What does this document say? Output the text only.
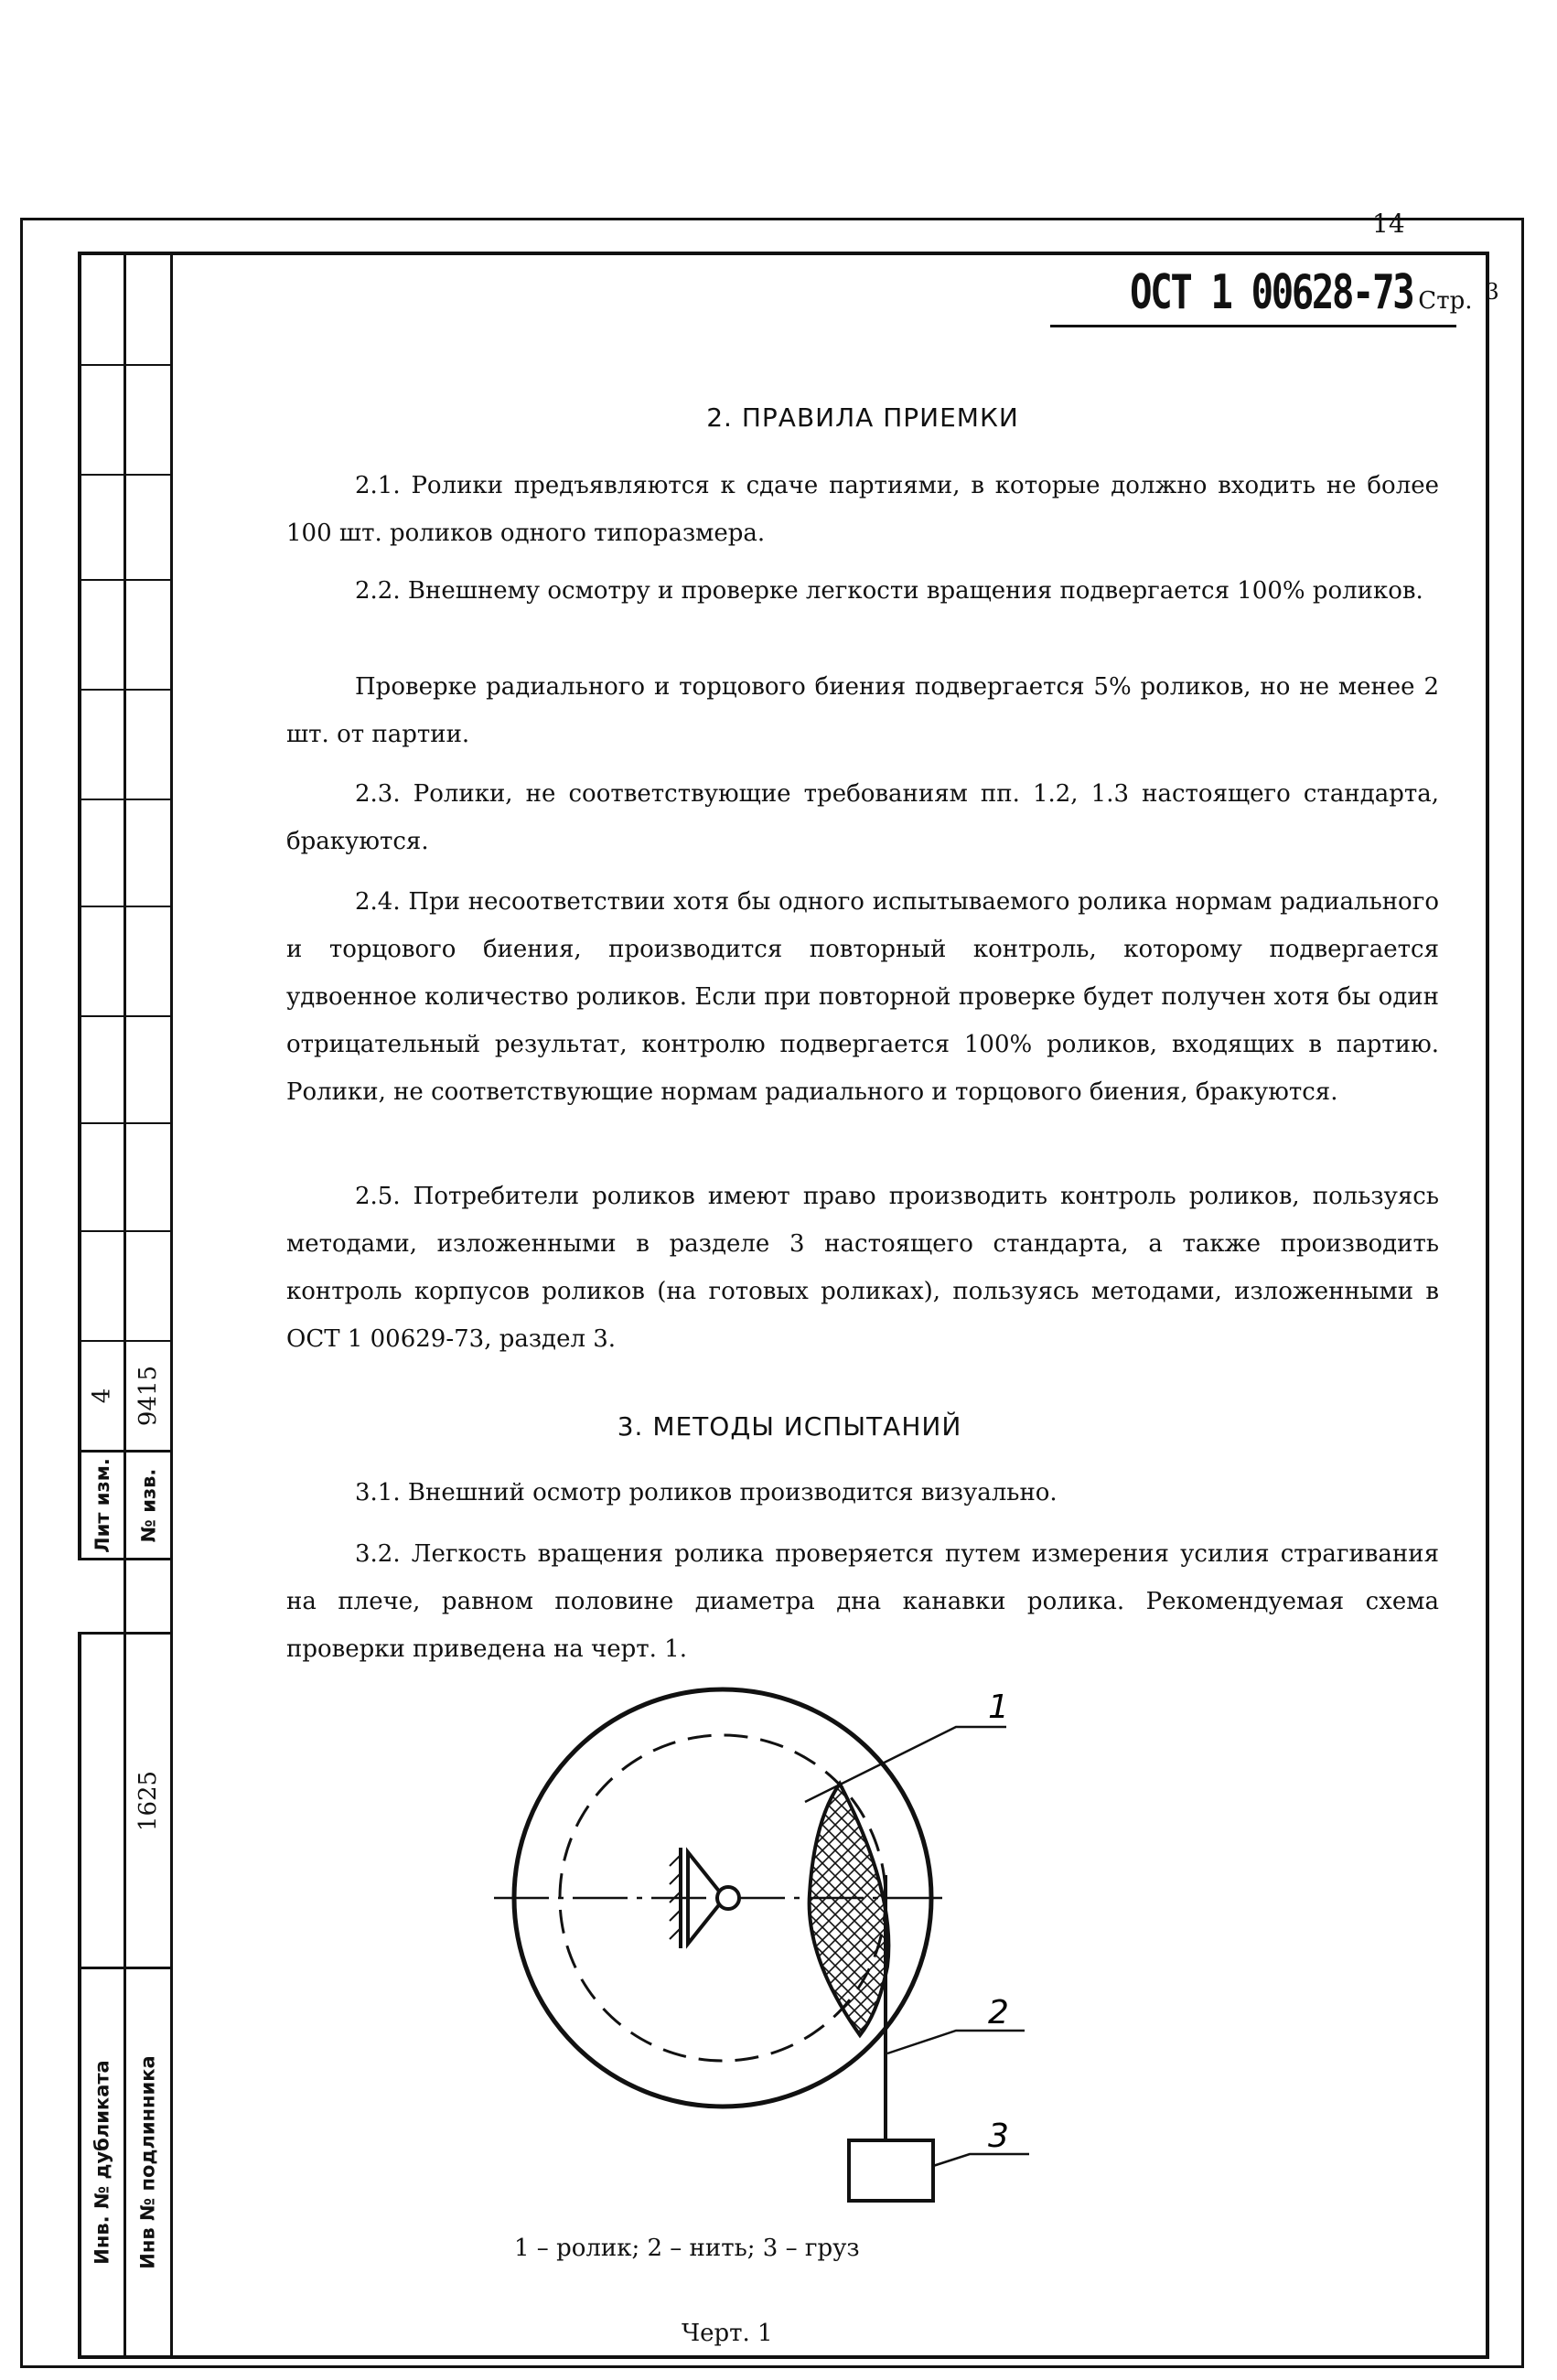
4
Лит изм.
9415
№ изв.
1625
Инв. № дубликата Инв № подлинника
14
ОСТ 1 00628-73 Стр. 3
2. ПРАВИЛА ПРИЕМКИ
2.1. Ролики предъявляются к сдаче партиями, в которые должно входить не более 100 шт. роликов одного типоразмера.
2.2. Внешнему осмотру и проверке легкости вращения подвергается 100% роликов.
Проверке радиального и торцового биения подвергается 5% роликов, но не менее 2 шт. от партии.
2.3. Ролики, не соответствующие требованиям пп. 1.2, 1.3 настоящего стандарта, бракуются.
2.4. При несоответствии хотя бы одного испытываемого ролика нормам радиального и торцового биения, производится повторный контроль, которому подвергается удвоенное количество роликов. Если при повторной проверке будет получен хотя бы один отрицательный результат, контролю подвергается 100% роликов, входящих в партию. Ролики, не соответствующие нормам радиального и торцового биения, бракуются.
2.5. Потребители роликов имеют право производить контроль роликов, пользуясь методами, изложенными в разделе 3 настоящего стандарта, а также производить контроль корпусов роликов (на готовых роликах), пользуясь методами, изложенными в ОСТ 1 00629-73, раздел 3.
3. МЕТОДЫ ИСПЫТАНИЙ
3.1. Внешний осмотр роликов производится визуально.
3.2. Легкость вращения ролика проверяется путем измерения усилия страгивания на плече, равном половине диаметра дна канавки ролика. Рекомендуемая схема проверки приведена на черт. 1.
1
2
3
1 – ролик; 2 – нить; 3 – груз
Черт. 1
